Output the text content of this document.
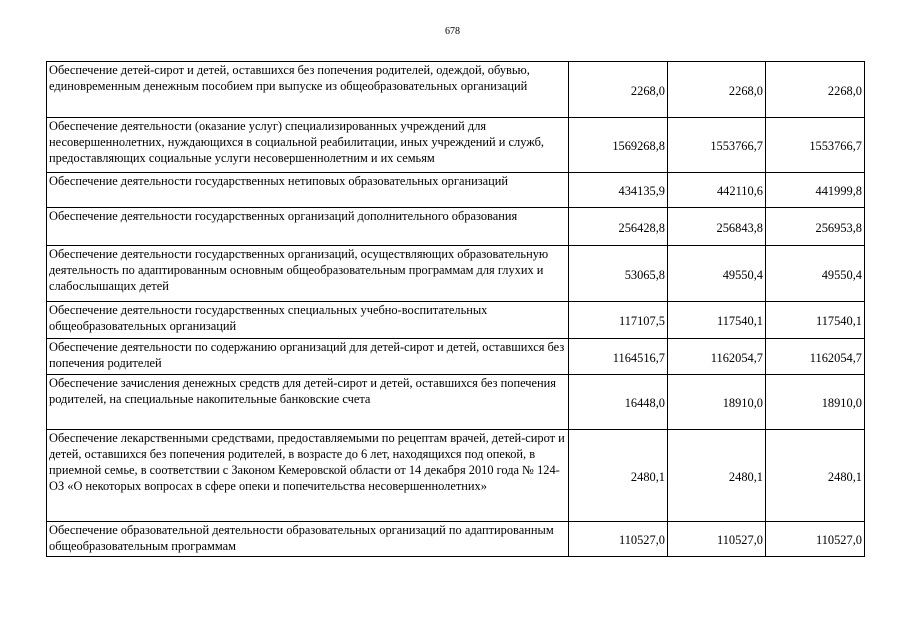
678
Обеспечение детей-сирот и детей, оставшихся без попечения родителей, одеждой, обувью, единовременным денежным пособием при выпуске из общеобразовательных организаций	2268,0	2268,0	2268,0
Обеспечение деятельности (оказание услуг) специализированных учреждений для несовершеннолетних, нуждающихся в социальной реабилитации, иных учреждений и служб, предоставляющих социальные услуги несовершеннолетним и их семьям	1569268,8	1553766,7	1553766,7
Обеспечение деятельности государственных нетиповых образовательных организаций	434135,9	442110,6	441999,8
Обеспечение деятельности государственных организаций дополнительного образования	256428,8	256843,8	256953,8
Обеспечение деятельности государственных организаций, осуществляющих образовательную деятельность по адаптированным основным общеобразовательным программам для глухих и слабослышащих детей	53065,8	49550,4	49550,4
Обеспечение деятельности государственных специальных учебно-воспитательных общеобразовательных организаций	117107,5	117540,1	117540,1
Обеспечение деятельности по содержанию организаций для детей-сирот и детей, оставшихся без попечения родителей	1164516,7	1162054,7	1162054,7
Обеспечение зачисления денежных средств для детей-сирот и детей, оставшихся без попечения родителей, на специальные накопительные банковские счета	16448,0	18910,0	18910,0
Обеспечение лекарственными средствами, предоставляемыми по рецептам врачей, детей-сирот и детей, оставшихся без попечения родителей, в возрасте до 6 лет, находящихся под опекой, в приемной семье, в соответствии с Законом Кемеровской области от 14 декабря 2010 года № 124-ОЗ «О некоторых вопросах в сфере опеки и попечительства несовершеннолетних»	2480,1	2480,1	2480,1
Обеспечение образовательной деятельности образовательных организаций по адаптированным общеобразовательным программам	110527,0	110527,0	110527,0
